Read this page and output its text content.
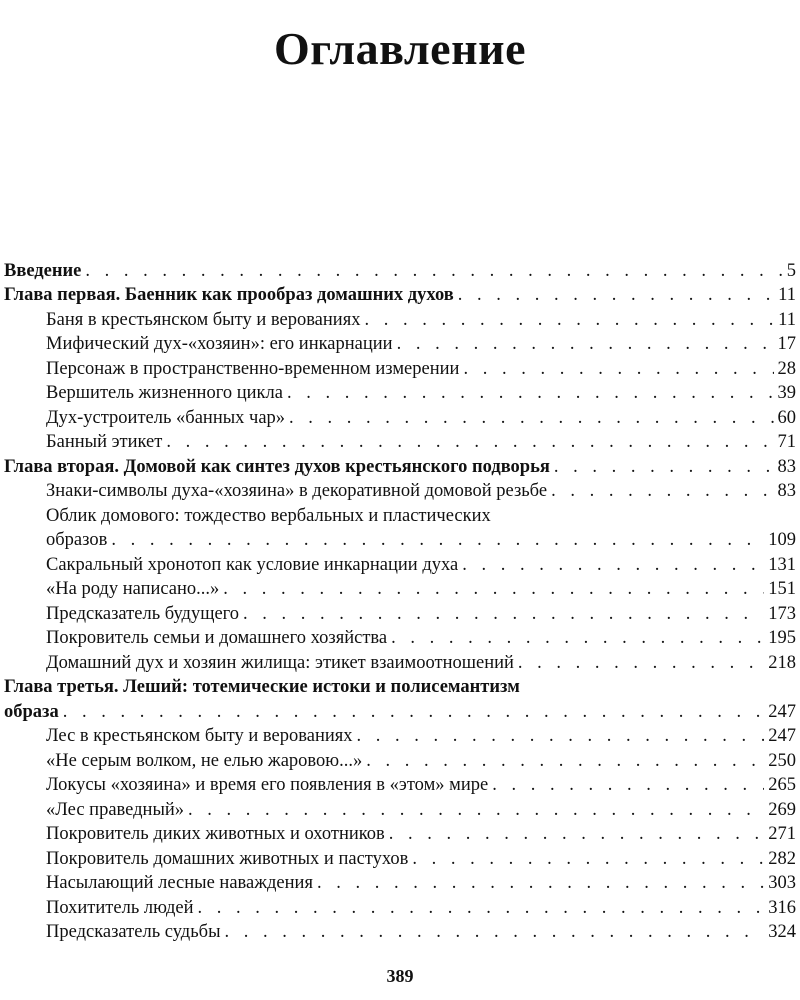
Оглавление
Введение . . .	5
Глава первая. Баенник как прообраз домашних духов . . .	11
Баня в крестьянском быту и верованиях . . .	11
Мифический дух-«хозяин»: его инкарнации . . .	17
Персонаж в пространственно-временном измерении . . .	28
Вершитель жизненного цикла . . .	39
Дух-устроитель «банных чар» . . .	60
Банный этикет . . .	71
Глава вторая. Домовой как синтез духов крестьянского подворья . . .	83
Знаки-символы духа-«хозяина» в декоративной домовой резьбе . . .	83
Облик домового: тождество вербальных и пластических
образов . . .	109
Сакральный хронотоп как условие инкарнации духа . . .	131
«На роду написано...» . . .	151
Предсказатель будущего . . .	173
Покровитель семьи и домашнего хозяйства . . .	195
Домашний дух и хозяин жилища: этикет взаимоотношений . . .	218
Глава третья. Леший: тотемические истоки и полисемантизм
образа . . .	247
Лес в крестьянском быту и верованиях . . .	247
«Не серым волком, не елью жаровою...» . . .	250
Локусы «хозяина» и время его появления в «этом» мире . . .	265
«Лес праведный» . . .	269
Покровитель диких животных и охотников . . .	271
Покровитель домашних животных и пастухов . . .	282
Насылающий лесные наваждения . . .	303
Похититель людей . . .	316
Предсказатель судьбы . . .	324
389
